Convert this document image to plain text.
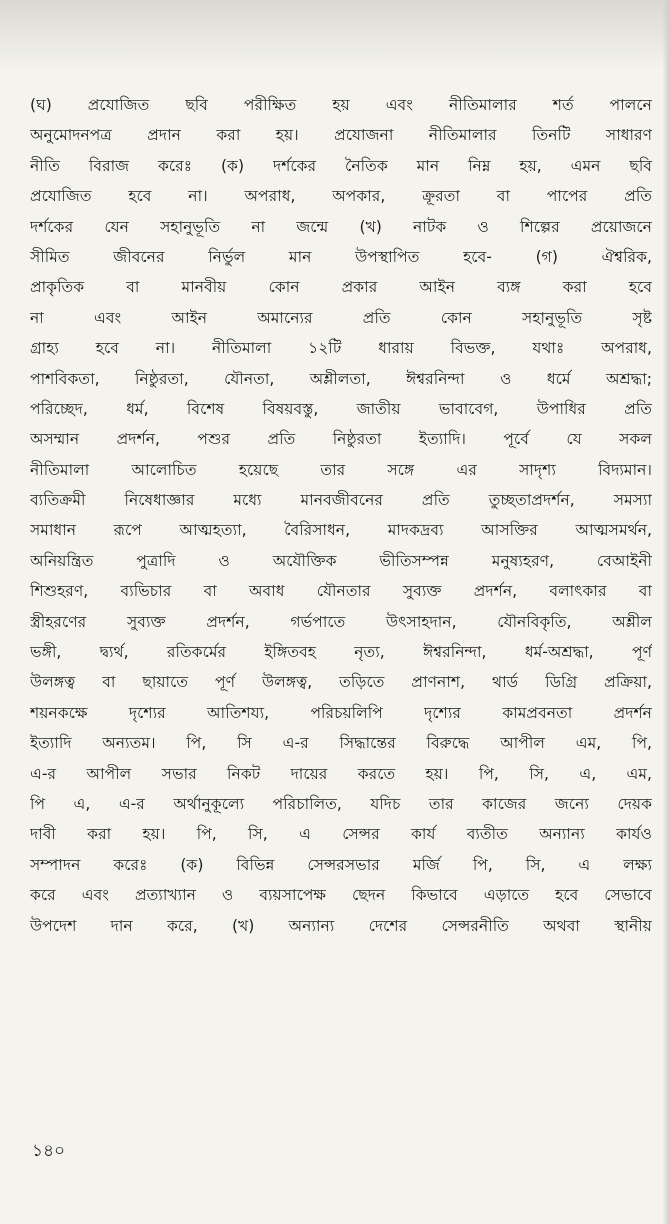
(ঘ) প্রযোজিত ছবি পরীক্ষিত হয় এবং নীতিমালার শর্ত পালনে
অনুমোদনপত্র প্রদান করা হয়। প্রযোজনা নীতিমালার তিনটি সাধারণ
নীতি বিরাজ করেঃ (ক) দর্শকের নৈতিক মান নিম্ন হয়, এমন ছবি
প্রযোজিত হবে না। অপরাধ, অপকার, ক্রূরতা বা পাপের প্রতি
দর্শকের যেন সহানুভূতি না জন্মে (খ) নাটক ও শিল্পের প্রয়োজনে
সীমিত জীবনের নির্ভুল মান উপস্থাপিত হবে- (গ) ঐশ্বরিক,
প্রাকৃতিক বা মানবীয় কোন প্রকার আইন ব্যঙ্গ করা হবে
না এবং আইন অমান্যের প্রতি কোন সহানুভূতি সৃষ্ট
গ্রাহ্য হবে না। নীতিমালা ১২টি ধারায় বিভক্ত, যথাঃ অপরাধ,
পাশবিকতা, নিষ্ঠুরতা, যৌনতা, অশ্লীলতা, ঈশ্বরনিন্দা ও ধর্মে অশ্রদ্ধা;
পরিচ্ছেদ, ধর্ম, বিশেষ বিষয়বস্তু, জাতীয় ভাবাবেগ, উপাধির প্রতি
অসম্মান প্রদর্শন, পশুর প্রতি নিষ্ঠুরতা ইত্যাদি। পূর্বে যে সকল
নীতিমালা আলোচিত হয়েছে তার সঙ্গে এর সাদৃশ্য বিদ্যমান।
ব্যতিক্রমী নিষেধাজ্ঞার মধ্যে মানবজীবনের প্রতি তুচ্ছতাপ্রদর্শন, সমস্যা
সমাধান রূপে আত্মহত্যা, বৈরিসাধন, মাদকদ্রব্য আসক্তির আত্মসমর্থন,
অনিয়ন্ত্রিত পুত্রাদি ও অযৌক্তিক ভীতিসম্পন্ন মনুষ্যহরণ, বেআইনী
শিশুহরণ, ব্যভিচার বা অবাধ যৌনতার সুব্যক্ত প্রদর্শন, বলাৎকার বা
স্ত্রীহরণের সুব্যক্ত প্রদর্শন, গর্ভপাতে উৎসাহদান, যৌনবিকৃতি, অশ্লীল
ভঙ্গী, দ্ব্যর্থ, রতিকর্মের ইঙ্গিতবহ নৃত্য, ঈশ্বরনিন্দা, ধর্ম-অশ্রদ্ধা, পূর্ণ
উলঙ্গত্ব বা ছায়াতে পূর্ণ উলঙ্গত্ব, তড়িতে প্রাণনাশ, থার্ড ডিগ্রি প্রক্রিয়া,
শয়নকক্ষে দৃশ্যের আতিশয্য, পরিচয়লিপি দৃশ্যের কামপ্রবনতা প্রদর্শন
ইত্যাদি অন্যতম। পি, সি এ-র সিদ্ধান্তের বিরুদ্ধে আপীল এম, পি,
এ-র আপীল সভার নিকট দায়ের করতে হয়। পি, সি, এ, এম,
পি এ, এ-র অর্থানুকূল্যে পরিচালিত, যদিচ তার কাজের জন্যে দেয়ক
দাবী করা হয়। পি, সি, এ সেন্সর কার্য ব্যতীত অন্যান্য কার্যও
সম্পাদন করেঃ (ক) বিভিন্ন সেন্সরসভার মর্জি পি, সি, এ লক্ষ্য
করে এবং প্রত্যাখ্যান ও ব্যয়সাপেক্ষ ছেদন কিভাবে এড়াতে হবে সেভাবে
উপদেশ দান করে, (খ) অন্যান্য দেশের সেন্সরনীতি অথবা স্থানীয়
১৪০
